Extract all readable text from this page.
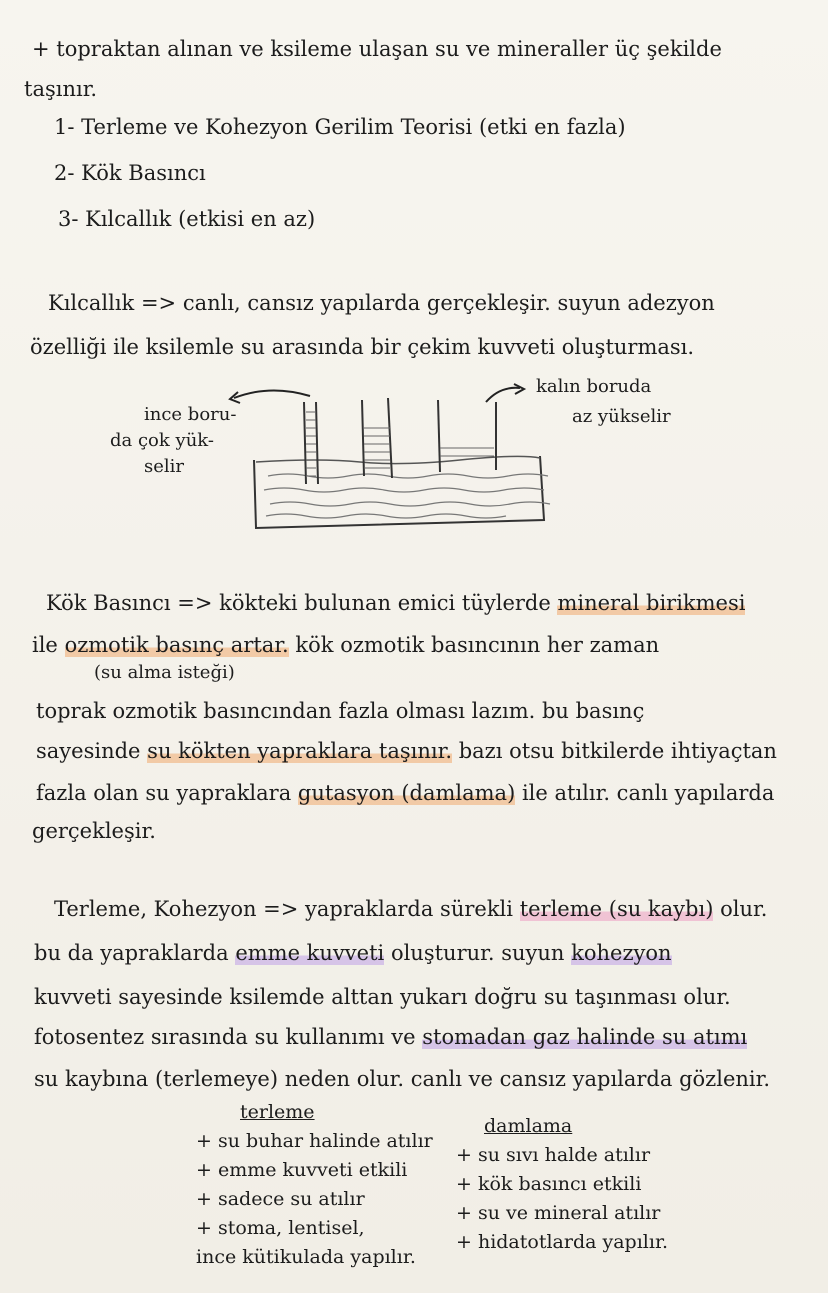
+ topraktan alınan ve ksileme ulaşan su ve mineraller üç şekilde
taşınır.
1- Terleme ve Kohezyon Gerilim Teorisi (etki en fazla)
2- Kök Basıncı
3- Kılcallık (etkisi en az)
Kılcallık => canlı, cansız yapılarda gerçekleşir. suyun adezyon
özelliği ile ksilemle su arasında bir çekim kuvveti oluşturması.
ince boru-
da çok yük-
selir
kalın boruda
az yükselir
Kök Basıncı => kökteki bulunan emici tüylerde mineral birikmesi
ile ozmotik basınç artar. kök ozmotik basıncının her zaman
(su alma isteği)
toprak ozmotik basıncından fazla olması lazım. bu basınç
sayesinde su kökten yapraklara taşınır. bazı otsu bitkilerde ihtiyaçtan
fazla olan su yapraklara gutasyon (damlama) ile atılır. canlı yapılarda
gerçekleşir.
Terleme, Kohezyon => yapraklarda sürekli terleme (su kaybı) olur.
bu da yapraklarda emme kuvveti oluşturur. suyun kohezyon
kuvveti sayesinde ksilemde alttan yukarı doğru su taşınması olur.
fotosentez sırasında su kullanımı ve stomadan gaz halinde su atımı
su kaybına (terlemeye) neden olur. canlı ve cansız yapılarda gözlenir.
terleme
+ su buhar halinde atılır
+ emme kuvveti etkili
+ sadece su atılır
+ stoma, lentisel,
ince kütikulada yapılır.
damlama
+ su sıvı halde atılır
+ kök basıncı etkili
+ su ve mineral atılır
+ hidatotlarda yapılır.
